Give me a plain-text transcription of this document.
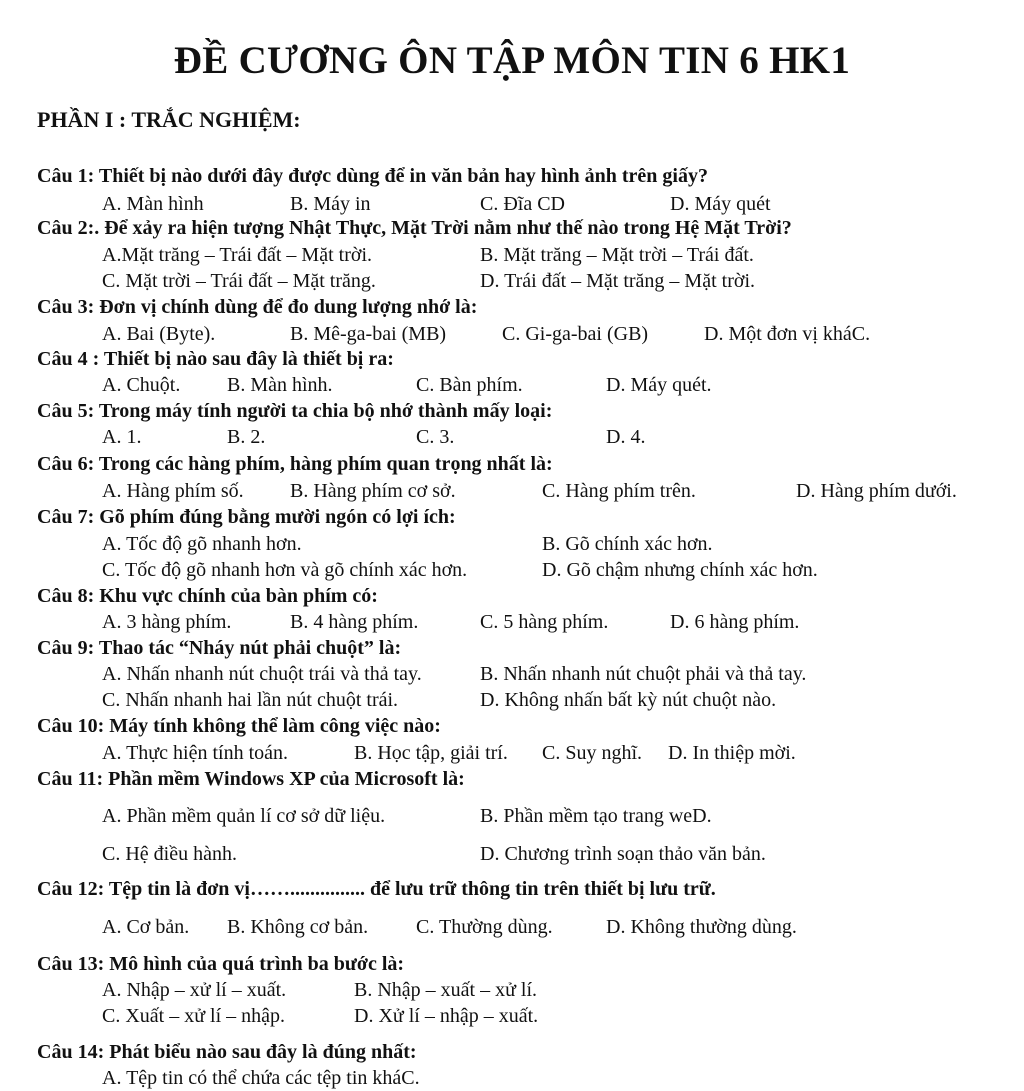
ĐỀ CƯƠNG ÔN TẬP MÔN TIN 6 HK1
PHẦN I : TRẮC NGHIỆM:
Câu 1: Thiết bị nào dưới đây được dùng để in văn bản hay hình ảnh trên giấy?
A. Màn hình	B. Máy in	C. Đĩa CD	D. Máy quét
Câu 2:. Để xảy ra hiện tượng Nhật Thực, Mặt Trời nằm như thế nào trong Hệ Mặt Trời?
A.Mặt trăng – Trái đất – Mặt trời.	B. Mặt trăng – Mặt trời – Trái đất.
C. Mặt trời – Trái đất – Mặt trăng.	D. Trái đất – Mặt trăng – Mặt trời.
Câu 3: Đơn vị chính dùng để đo dung lượng nhớ là:
A. Bai (Byte).	B. Mê-ga-bai (MB)	C. Gi-ga-bai (GB)	D. Một đơn vị kháC.
Câu 4 : Thiết bị nào sau đây là thiết bị ra:
A. Chuột. B. Màn hình.	C. Bàn phím.	D. Máy quét.
Câu 5: Trong máy tính người ta chia bộ nhớ thành mấy loại:
A. 1.	B. 2.	C. 3.	D. 4.
Câu 6: Trong các hàng phím, hàng phím quan trọng nhất là:
A. Hàng phím số. B. Hàng phím cơ sở.	C. Hàng phím trên.	D. Hàng phím dưới.
Câu 7: Gõ phím đúng bằng mười ngón có lợi ích:
A. Tốc độ gõ nhanh hơn.	B. Gõ chính xác hơn.
C. Tốc độ gõ nhanh hơn và gõ chính xác hơn.	D. Gõ chậm nhưng chính xác hơn.
Câu 8: Khu vực chính của bàn phím có:
A. 3 hàng phím.	B. 4 hàng phím.	C. 5 hàng phím.	D. 6 hàng phím.
Câu 9: Thao tác “Nháy nút phải chuột” là:
A. Nhấn nhanh nút chuột trái và thả tay.	B. Nhấn nhanh nút chuột phải và thả tay.
C. Nhấn nhanh hai lần nút chuột trái.	D. Không nhấn bất kỳ nút chuột nào.
Câu 10: Máy tính không thể làm công việc nào:
A. Thực hiện tính toán.	B. Học tập, giải trí. C. Suy nghĩ. D. In thiệp mời.
Câu 11: Phần mềm Windows XP của Microsoft là:
A. Phần mềm quản lí cơ sở dữ liệu.	B. Phần mềm tạo trang weD.
C. Hệ điều hành.	D. Chương trình soạn thảo văn bản.
Câu 12: Tệp tin là đơn vị……............... để lưu trữ thông tin trên thiết bị lưu trữ.
A. Cơ bản. B. Không cơ bản. C. Thường dùng.	D. Không thường dùng.
Câu 13: Mô hình của quá trình ba bước là:
A. Nhập – xử lí – xuất.	B. Nhập – xuất – xử lí.
C. Xuất – xử lí – nhập.	D. Xử lí – nhập – xuất.
Câu 14: Phát biểu nào sau đây là đúng nhất:
A. Tệp tin có thể chứa các tệp tin kháC.
